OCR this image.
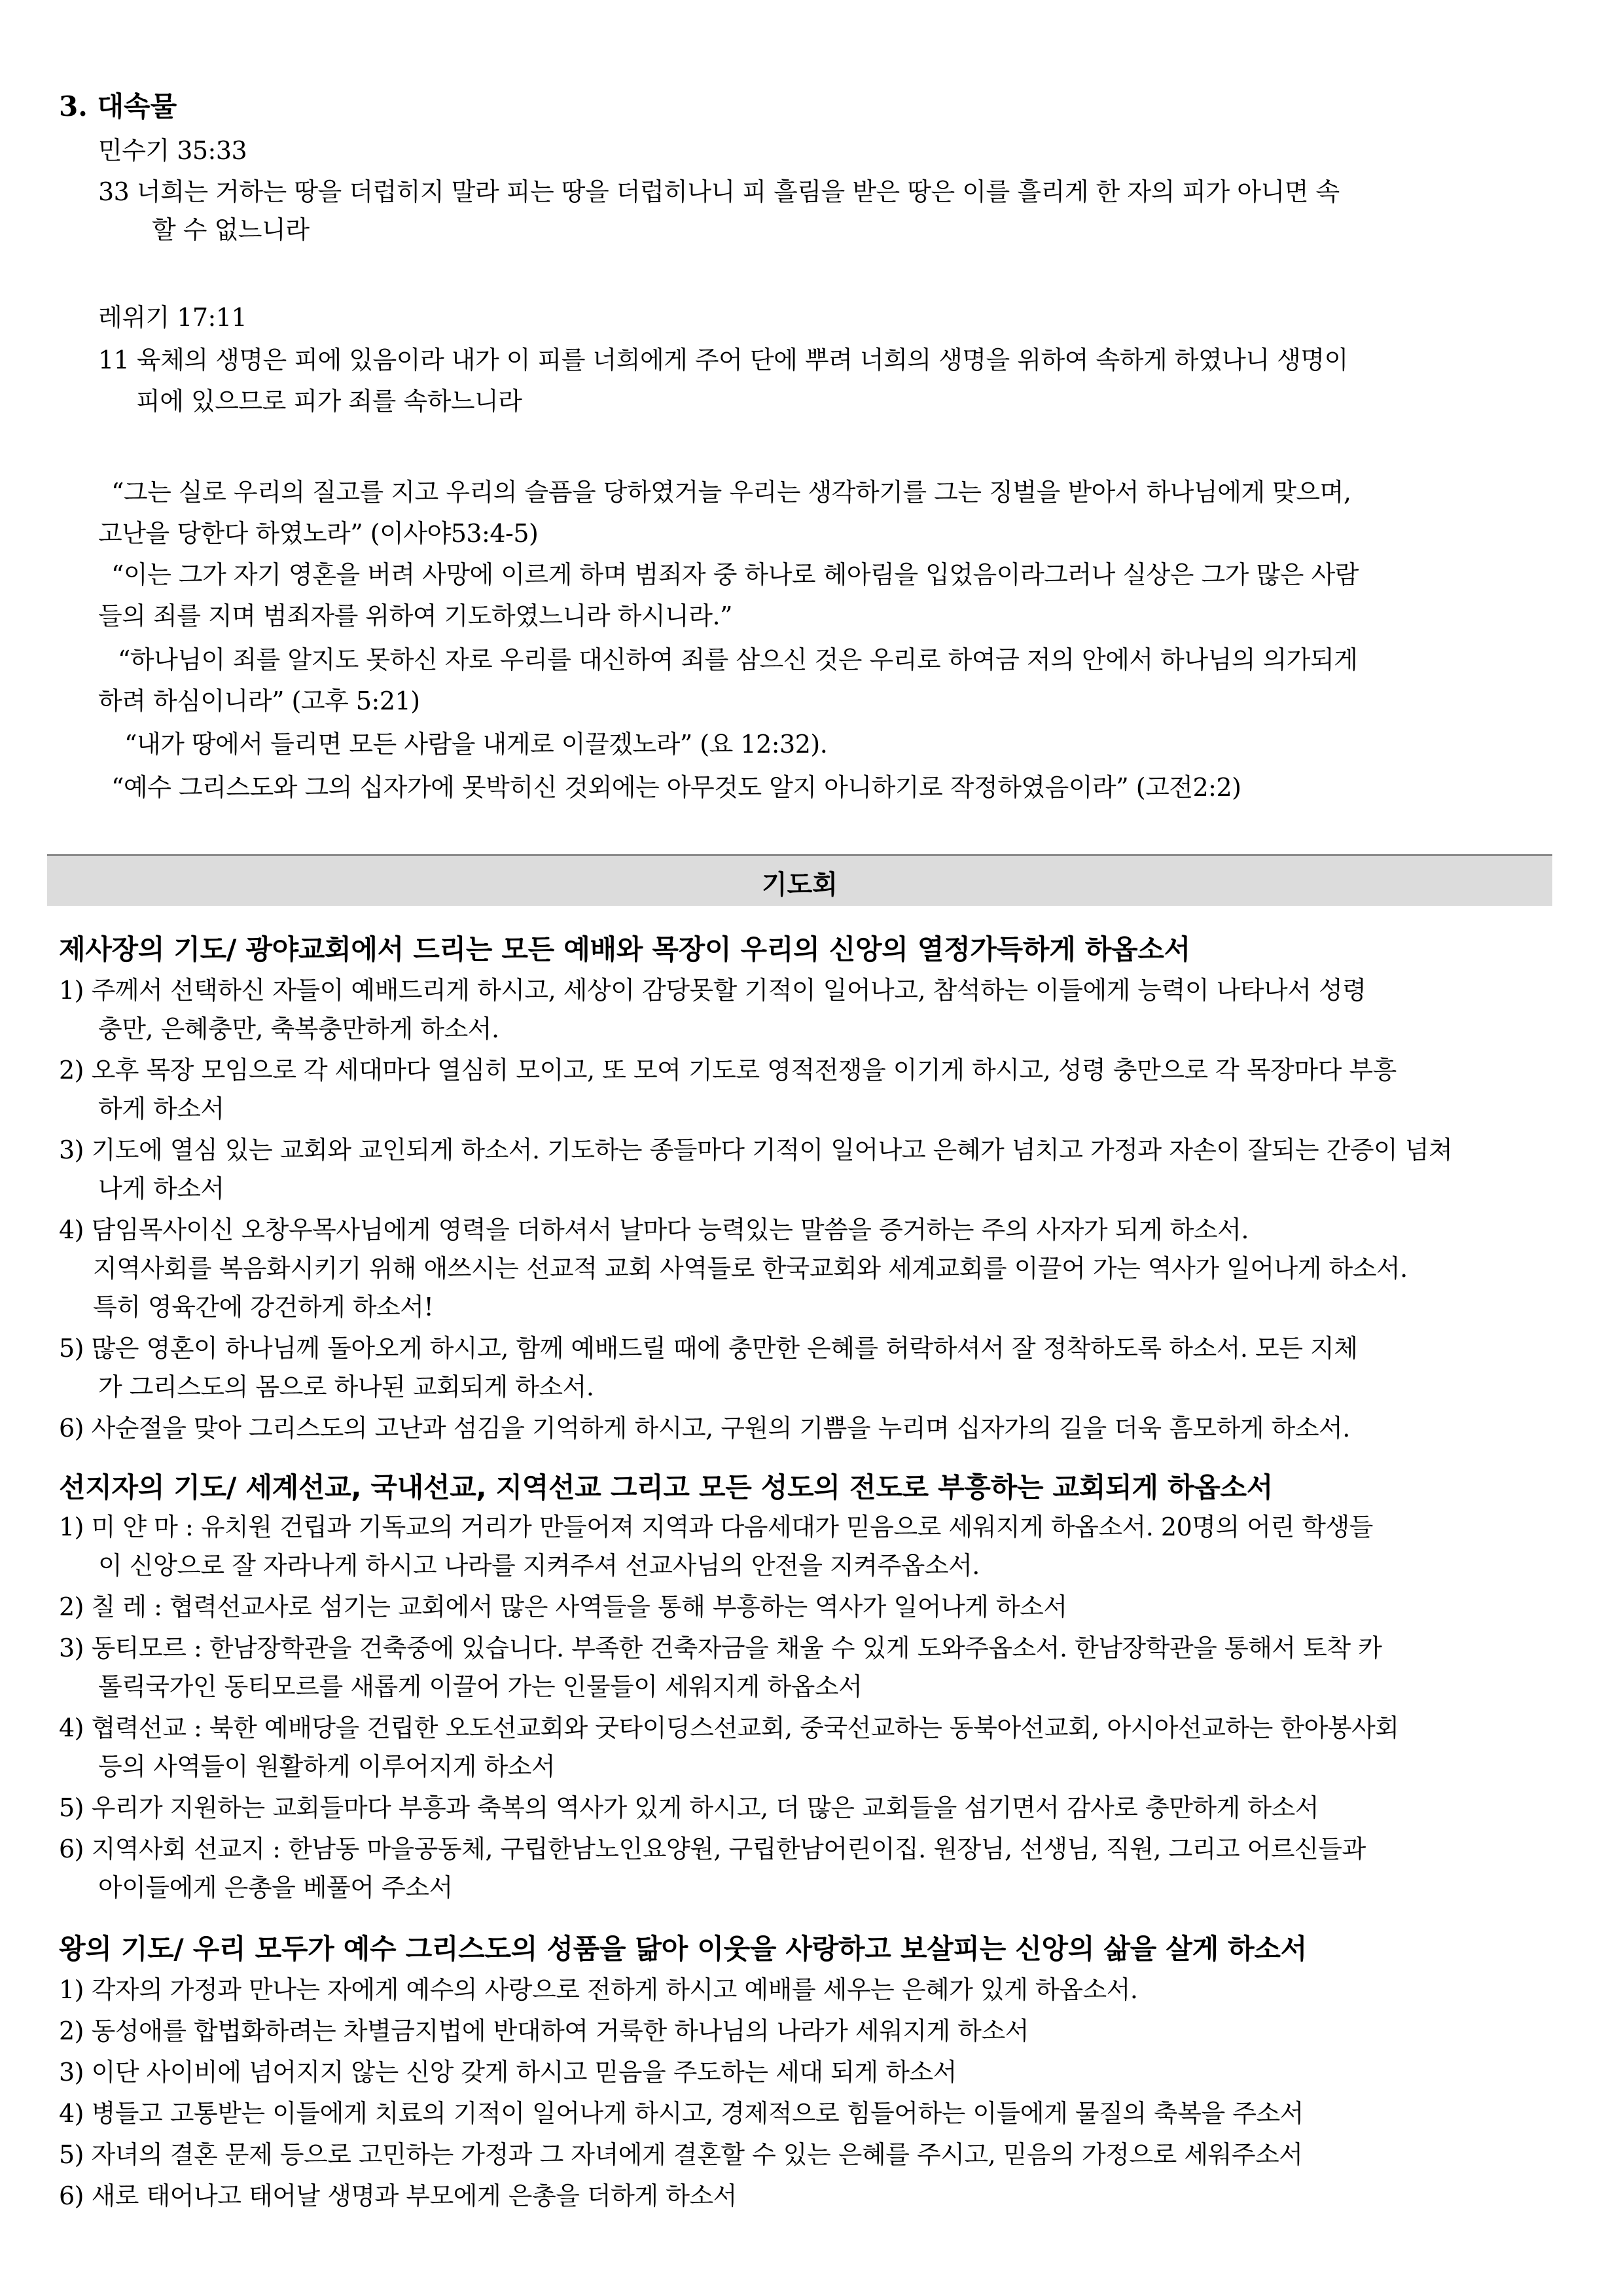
3. 대속물
민수기 35:33
33 너희는 거하는 땅을 더럽히지 말라 피는 땅을 더럽히나니 피 흘림을 받은 땅은 이를 흘리게 한 자의 피가 아니면 속
할 수 없느니라
레위기 17:11
11 육체의 생명은 피에 있음이라 내가 이 피를 너희에게 주어 단에 뿌려 너희의 생명을 위하여 속하게 하였나니 생명이
피에 있으므로 피가 죄를 속하느니라
“그는 실로 우리의 질고를 지고 우리의 슬픔을 당하였거늘 우리는 생각하기를 그는 징벌을 받아서 하나님에게 맞으며,
고난을 당한다 하였노라” (이사야53:4-5)
“이는 그가 자기 영혼을 버려 사망에 이르게 하며 범죄자 중 하나로 헤아림을 입었음이라그러나 실상은 그가 많은 사람
들의 죄를 지며 범죄자를 위하여 기도하였느니라 하시니라.”
“하나님이 죄를 알지도 못하신 자로 우리를 대신하여 죄를 삼으신 것은 우리로 하여금 저의 안에서 하나님의 의가되게
하려 하심이니라” (고후 5:21)
“내가 땅에서 들리면 모든 사람을 내게로 이끌겠노라” (요 12:32).
“예수 그리스도와 그의 십자가에 못박히신 것외에는 아무것도 알지 아니하기로 작정하였음이라” (고전2:2)
기도회
제사장의 기도/ 광야교회에서 드리는 모든 예배와 목장이 우리의 신앙의 열정가득하게 하옵소서
1) 주께서 선택하신 자들이 예배드리게 하시고, 세상이 감당못할 기적이 일어나고, 참석하는 이들에게 능력이 나타나서 성령
충만, 은혜충만, 축복충만하게 하소서.
2) 오후 목장 모임으로 각 세대마다 열심히 모이고, 또 모여 기도로 영적전쟁을 이기게 하시고, 성령 충만으로 각 목장마다 부흥
하게 하소서
3) 기도에 열심 있는 교회와 교인되게 하소서. 기도하는 종들마다 기적이 일어나고 은혜가 넘치고 가정과 자손이 잘되는 간증이 넘쳐
나게 하소서
4) 담임목사이신 오창우목사님에게 영력을 더하셔서 날마다 능력있는 말씀을 증거하는 주의 사자가 되게 하소서.
지역사회를 복음화시키기 위해 애쓰시는 선교적 교회 사역들로 한국교회와 세계교회를 이끌어 가는 역사가 일어나게 하소서.
특히 영육간에 강건하게 하소서!
5) 많은 영혼이 하나님께 돌아오게 하시고, 함께 예배드릴 때에 충만한 은혜를 허락하셔서 잘 정착하도록 하소서. 모든 지체
가 그리스도의 몸으로 하나된 교회되게 하소서.
6) 사순절을 맞아 그리스도의 고난과 섬김을 기억하게 하시고, 구원의 기쁨을 누리며 십자가의 길을 더욱 흠모하게 하소서.
선지자의 기도/ 세계선교, 국내선교, 지역선교 그리고 모든 성도의 전도로 부흥하는 교회되게 하옵소서
1) 미 얀 마 : 유치원 건립과 기독교의 거리가 만들어져 지역과 다음세대가 믿음으로 세워지게 하옵소서. 20명의 어린 학생들
이 신앙으로 잘 자라나게 하시고 나라를 지켜주셔 선교사님의 안전을 지켜주옵소서.
2) 칠 레 : 협력선교사로 섬기는 교회에서 많은 사역들을 통해 부흥하는 역사가 일어나게 하소서
3) 동티모르 : 한남장학관을 건축중에 있습니다. 부족한 건축자금을 채울 수 있게 도와주옵소서. 한남장학관을 통해서 토착 카
톨릭국가인 동티모르를 새롭게 이끌어 가는 인물들이 세워지게 하옵소서
4) 협력선교 : 북한 예배당을 건립한 오도선교회와 굿타이딩스선교회, 중국선교하는 동북아선교회, 아시아선교하는 한아봉사회
등의 사역들이 원활하게 이루어지게 하소서
5) 우리가 지원하는 교회들마다 부흥과 축복의 역사가 있게 하시고, 더 많은 교회들을 섬기면서 감사로 충만하게 하소서
6) 지역사회 선교지 : 한남동 마을공동체, 구립한남노인요양원, 구립한남어린이집. 원장님, 선생님, 직원, 그리고 어르신들과
아이들에게 은총을 베풀어 주소서
왕의 기도/ 우리 모두가 예수 그리스도의 성품을 닮아 이웃을 사랑하고 보살피는 신앙의 삶을 살게 하소서
1) 각자의 가정과 만나는 자에게 예수의 사랑으로 전하게 하시고 예배를 세우는 은혜가 있게 하옵소서.
2) 동성애를 합법화하려는 차별금지법에 반대하여 거룩한 하나님의 나라가 세워지게 하소서
3) 이단 사이비에 넘어지지 않는 신앙 갖게 하시고 믿음을 주도하는 세대 되게 하소서
4) 병들고 고통받는 이들에게 치료의 기적이 일어나게 하시고, 경제적으로 힘들어하는 이들에게 물질의 축복을 주소서
5) 자녀의 결혼 문제 등으로 고민하는 가정과 그 자녀에게 결혼할 수 있는 은혜를 주시고, 믿음의 가정으로 세워주소서
6) 새로 태어나고 태어날 생명과 부모에게 은총을 더하게 하소서
